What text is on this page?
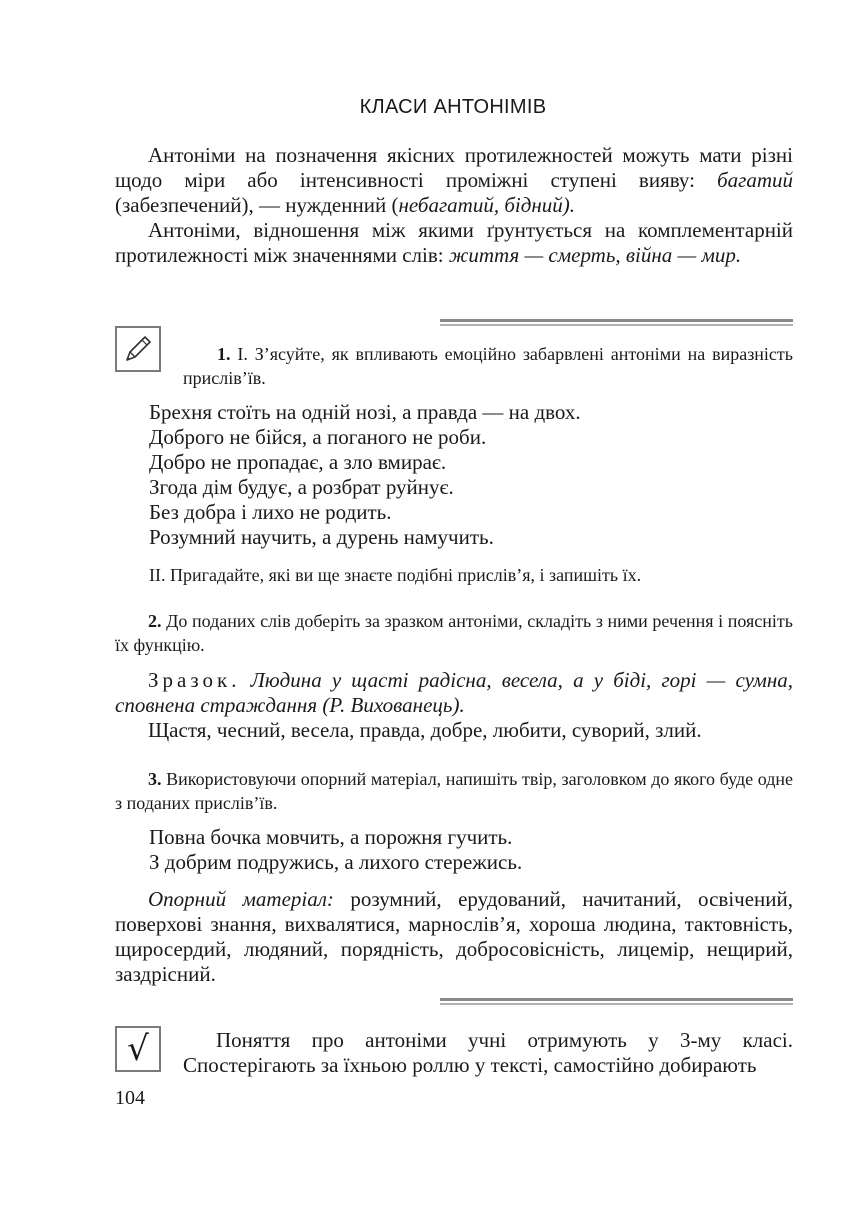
КЛАСИ АНТОНІМІВ
Антоніми на позначення якісних протилежностей можуть мати різні щодо міри або інтенсивності проміжні ступені вияву: багатий (забезпечений), — нужденний (небагатий, бідний).
Антоніми, відношення між якими ґрунтується на комплементарній протилежності між значеннями слів: життя — смерть, війна — мир.
1. І. З’ясуйте, як впливають емоційно забарвлені антоніми на виразність прислів’їв.
Брехня стоїть на одній нозі, а правда — на двох.
Доброго не бійся, а поганого не роби.
Добро не пропадає, а зло вмирає.
Згода дім будує, а розбрат руйнує.
Без добра і лихо не родить.
Розумний научить, а дурень намучить.
ІІ. Пригадайте, які ви ще знаєте подібні прислів’я, і запишіть їх.
2. До поданих слів доберіть за зразком антоніми, складіть з ними речення і поясніть їх функцію.
Зразок. Людина у щасті радісна, весела, а у біді, горі — сумна, сповнена страждання (Р. Вихованець).
Щастя, чесний, весела, правда, добре, любити, суворий, злий.
3. Використовуючи опорний матеріал, напишіть твір, заголовком до якого буде одне з поданих прислів’їв.
Повна бочка мовчить, а порожня гучить.
З добрим подружись, а лихого стережись.
Опорний матеріал: розумний, ерудований, начитаний, освічений, поверхові знання, вихвалятися, марнослів’я, хороша людина, тактовність, щиросердий, людяний, порядність, добросовісність, лицемір, нещирий, заздрісний.
√	Поняття про антоніми учні отримують у 3-му класі. Спостерігають за їхньою роллю у тексті, самостійно добирають
104
